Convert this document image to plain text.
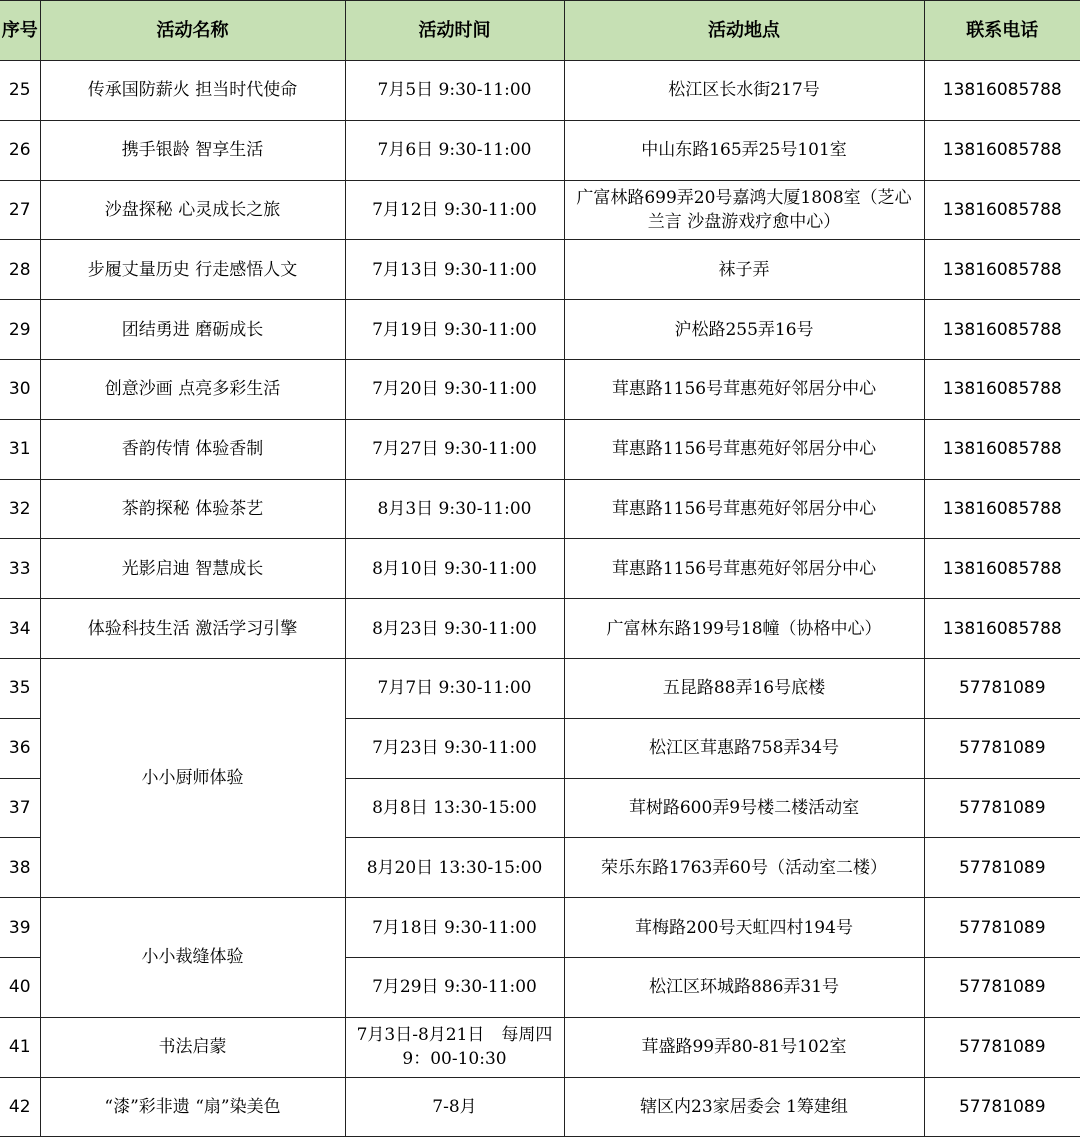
序号	活动名称	活动时间	活动地点	联系电话
25	传承国防薪火 担当时代使命	7月5日 9:30-11:00	松江区长水街217号	13816085788
26	携手银龄 智享生活	7月6日 9:30-11:00	中山东路165弄25号101室	13816085788
27	沙盘探秘 心灵成长之旅	7月12日 9:30-11:00	广富林路699弄20号嘉鸿大厦1808室（芝心兰言 沙盘游戏疗愈中心）	13816085788
28	步履丈量历史 行走感悟人文	7月13日 9:30-11:00	袜子弄	13816085788
29	团结勇进 磨砺成长	7月19日 9:30-11:00	沪松路255弄16号	13816085788
30	创意沙画 点亮多彩生活	7月20日 9:30-11:00	茸惠路1156号茸惠苑好邻居分中心	13816085788
31	香韵传情 体验香制	7月27日 9:30-11:00	茸惠路1156号茸惠苑好邻居分中心	13816085788
32	茶韵探秘 体验茶艺	8月3日 9:30-11:00	茸惠路1156号茸惠苑好邻居分中心	13816085788
33	光影启迪 智慧成长	8月10日 9:30-11:00	茸惠路1156号茸惠苑好邻居分中心	13816085788
34	体验科技生活 激活学习引擎	8月23日 9:30-11:00	广富林东路199号18幢（协格中心）	13816085788
35	小小厨师体验	7月7日 9:30-11:00	五昆路88弄16号底楼	57781089
36		7月23日 9:30-11:00	松江区茸惠路758弄34号	57781089
37		8月8日 13:30-15:00	茸树路600弄9号楼二楼活动室	57781089
38		8月20日 13:30-15:00	荣乐东路1763弄60号（活动室二楼）	57781089
39	小小裁缝体验	7月18日 9:30-11:00	茸梅路200号天虹四村194号	57781089
40		7月29日 9:30-11:00	松江区环城路886弄31号	57781089
41	书法启蒙	7月3日-8月21日　每周四 9：00-10:30	茸盛路99弄80-81号102室	57781089
42	“漆”彩非遗 “扇”染美色	7-8月	辖区内23家居委会 1筹建组	57781089
